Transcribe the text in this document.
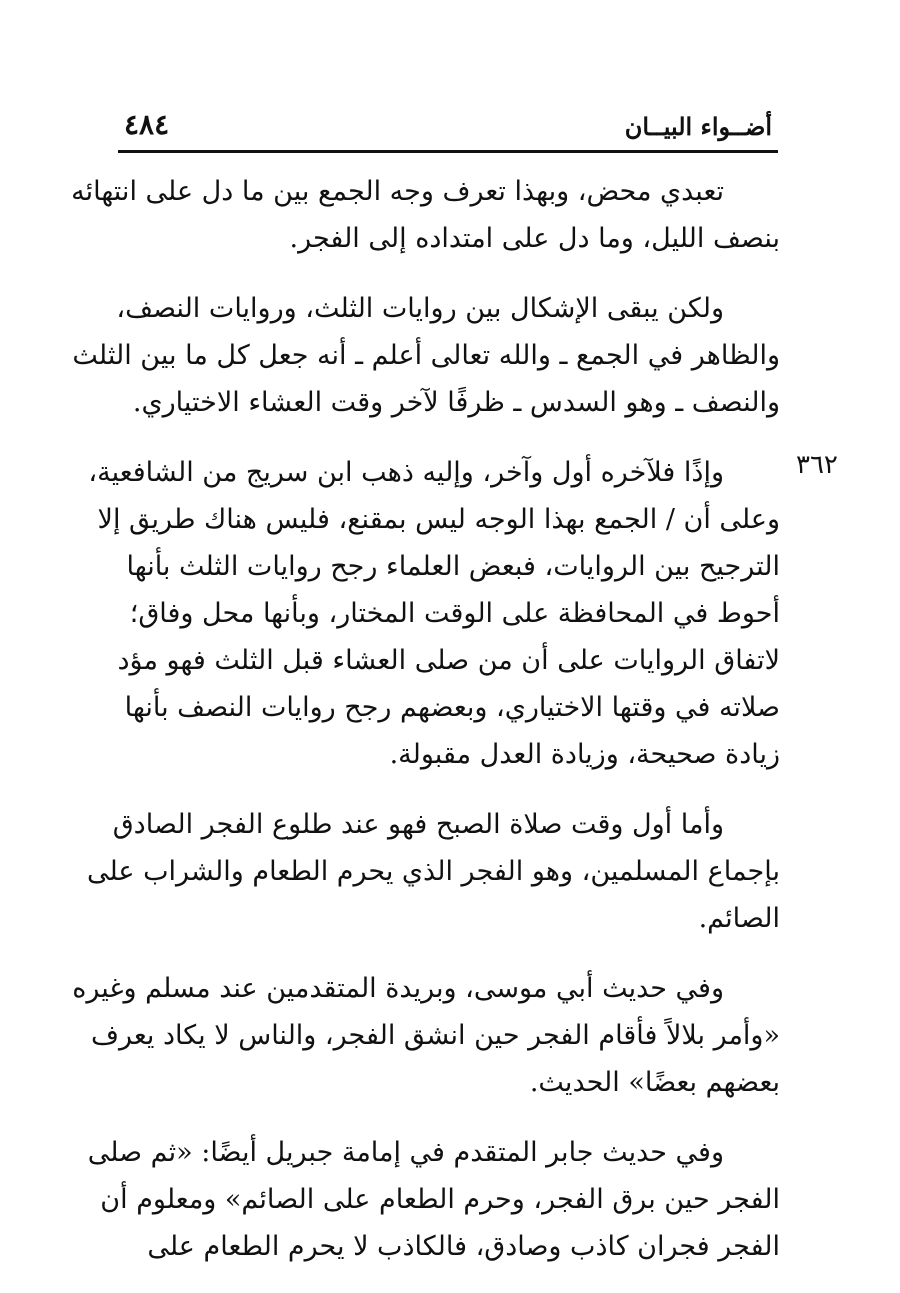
أضــواء البيــان
٤٨٤
٣٦٢

تعبدي محض، وبهذا تعرف وجه الجمع بين ما دل على انتهائه
بنصف الليل، وما دل على امتداده إلى الفجر.

ولكن يبقى الإشكال بين روايات الثلث، وروايات النصف،
والظاهر في الجمع ـ والله تعالى أعلم ـ أنه جعل كل ما بين الثلث
والنصف ـ وهو السدس ـ ظرفًا لآخر وقت العشاء الاختياري.

وإذًا فلآخره أول وآخر، وإليه ذهب ابن سريج من الشافعية،
وعلى أن / الجمع بهذا الوجه ليس بمقنع، فليس هناك طريق إلا
الترجيح بين الروايات، فبعض العلماء رجح روايات الثلث بأنها
أحوط في المحافظة على الوقت المختار، وبأنها محل وفاق؛
لاتفاق الروايات على أن من صلى العشاء قبل الثلث فهو مؤد
صلاته في وقتها الاختياري، وبعضهم رجح روايات النصف بأنها
زيادة صحيحة، وزيادة العدل مقبولة.

وأما أول وقت صلاة الصبح فهو عند طلوع الفجر الصادق
بإجماع المسلمين، وهو الفجر الذي يحرم الطعام والشراب على
الصائم.

وفي حديث أبي موسى، وبريدة المتقدمين عند مسلم وغيره
«وأمر بلالاً فأقام الفجر حين انشق الفجر، والناس لا يكاد يعرف
بعضهم بعضًا» الحديث.

وفي حديث جابر المتقدم في إمامة جبريل أيضًا: «ثم صلى
الفجر حين برق الفجر، وحرم الطعام على الصائم» ومعلوم أن
الفجر فجران كاذب وصادق، فالكاذب لا يحرم الطعام على
